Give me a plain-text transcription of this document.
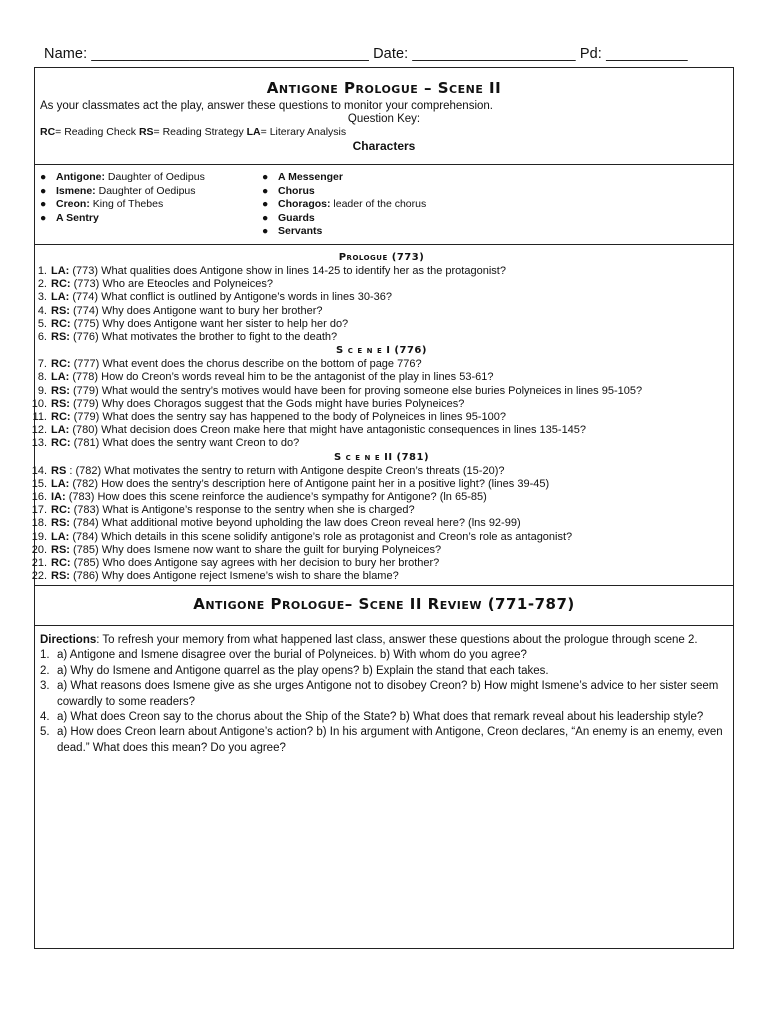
Name: __________________________________ Date: ____________________ Pd: __________
Antigone Prologue – Scene II
As your classmates act the play, answer these questions to monitor your comprehension.
Question Key:
RC= Reading Check RS= Reading Strategy LA= Literary Analysis
Characters
● Antigone: Daughter of Oedipus
● Ismene: Daughter of Oedipus
● Creon: King of Thebes
● A Sentry
● A Messenger
● Chorus
● Choragos: leader of the chorus
● Guards
● Servants
Prologue (773)
1. LA: (773) What qualities does Antigone show in lines 14-25 to identify her as the protagonist?
2. RC: (773) Who are Eteocles and Polyneices?
3. LA: (774) What conflict is outlined by Antigone’s words in lines 30-36?
4. RS: (774) Why does Antigone want to bury her brother?
5. RC: (775) Why does Antigone want her sister to help her do?
6. RS: (776) What motivates the brother to fight to the death?
S c e n e I (776)
7. RC: (777) What event does the chorus describe on the bottom of page 776?
8. LA: (778) How do Creon’s words reveal him to be the antagonist of the play in lines 53-61?
9. RS: (779) What would the sentry’s motives would have been for proving someone else buries Polyneices in lines 95-105?
10. RS: (779) Why does Choragos suggest that the Gods might have buries Polyneices?
11. RC: (779) What does the sentry say has happened to the body of Polyneices in lines 95-100?
12. LA: (780) What decision does Creon make here that might have antagonistic consequences in lines 135-145?
13. RC: (781) What does the sentry want Creon to do?
S c e n e II (781)
14. RS : (782) What motivates the sentry to return with Antigone despite Creon’s threats (15-20)?
15. LA: (782) How does the sentry’s description here of Antigone paint her in a positive light? (lines 39-45)
16. IA: (783) How does this scene reinforce the audience’s sympathy for Antigone? (ln 65-85)
17. RC: (783) What is Antigone’s response to the sentry when she is charged?
18. RS: (784) What additional motive beyond upholding the law does Creon reveal here? (lns 92-99)
19. LA: (784) Which details in this scene solidify antigone’s role as protagonist and Creon’s role as antagonist?
20. RS: (785) Why does Ismene now want to share the guilt for burying Polyneices?
21. RC: (785) Who does Antigone say agrees with her decision to bury her brother?
22. RS: (786) Why does Antigone reject Ismene’s wish to share the blame?
Antigone Prologue– Scene II Review (771-787)
Directions: To refresh your memory from what happened last class, answer these questions about the prologue through scene 2.
1. a) Antigone and Ismene disagree over the burial of Polyneices. b) With whom do you agree?
2. a) Why do Ismene and Antigone quarrel as the play opens? b) Explain the stand that each takes.
3. a) What reasons does Ismene give as she urges Antigone not to disobey Creon? b) How might Ismene’s advice to her sister seem cowardly to some readers?
4. a) What does Creon say to the chorus about the Ship of the State? b) What does that remark reveal about his leadership style?
5. a) How does Creon learn about Antigone’s action? b) In his argument with Antigone, Creon declares, “An enemy is an enemy, even dead.” What does this mean? Do you agree?
